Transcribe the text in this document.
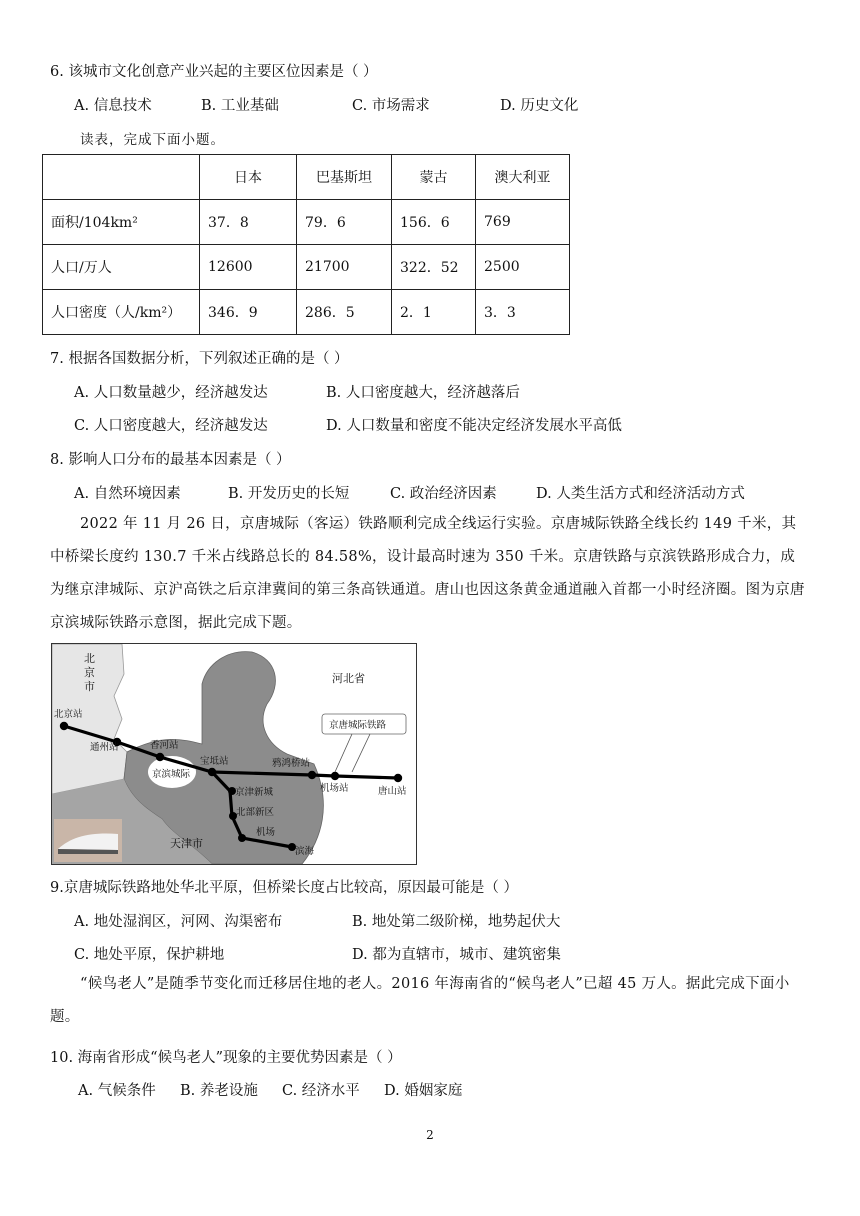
6. 该城市文化创意产业兴起的主要区位因素是（ ）
A. 信息技术	B. 工业基础	C. 市场需求	D. 历史文化
读表，完成下面小题。
	日本	巴基斯坦	蒙古	澳大利亚
面积/104km²	37．8	79．6	156．6	769
人口/万人	12600	21700	322．52	2500
人口密度（人/km²）	346．9	286．5	2．1	3．3
7. 根据各国数据分析，下列叙述正确的是（ ）
A. 人口数量越少，经济越发达	B. 人口密度越大，经济越落后
C. 人口密度越大，经济越发达	D. 人口数量和密度不能决定经济发展水平高低
8. 影响人口分布的最基本因素是（ ）
A. 自然环境因素	B. 开发历史的长短	C. 政治经济因素	D. 人类生活方式和经济活动方式
2022 年 11 月 26 日，京唐城际（客运）铁路顺利完成全线运行实验。京唐城际铁路全线长约 149 千米，其中桥梁长度约 130.7 千米占线路总长的 84.58%，设计最高时速为 350 千米。京唐铁路与京滨铁路形成合力，成为继京津城际、京沪高铁之后京津冀间的第三条高铁通道。唐山也因这条黄金通道融入首都一小时经济圈。图为京唐京滨城际铁路示意图，据此完成下题。
京唐城际铁路
北
京
市
河北省
天津市
北京站
通州站	香河站
宝坻站	鸦鸿桥站
机场站	唐山站
京滨城际
京津新城
北部新区
机场
滨海
9.京唐城际铁路地处华北平原，但桥梁长度占比较高，原因最可能是（ ）
A. 地处湿润区，河网、沟渠密布	B. 地处第二级阶梯，地势起伏大
C. 地处平原，保护耕地	D. 都为直辖市，城市、建筑密集
“候鸟老人”是随季节变化而迁移居住地的老人。2016 年海南省的“候鸟老人”已超 45 万人。据此完成下面小题。
10. 海南省形成“候鸟老人”现象的主要优势因素是（ ）
A. 气候条件 B. 养老设施 C. 经济水平 D. 婚姻家庭
2
